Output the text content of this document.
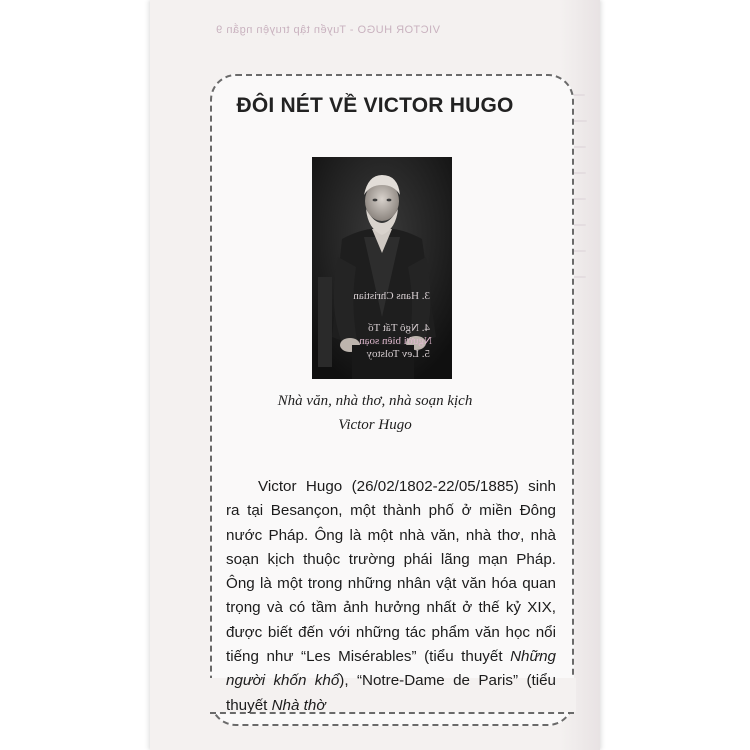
VICTOR HUGO - Tuyển tập truyện ngắn 9
ĐÔI NÉT VỀ VICTOR HUGO
Nhà văn, nhà thơ, nhà soạn kịch
Victor Hugo
Victor Hugo (26/02/1802-22/05/1885) sinh ra tại Besançon, một thành phố ở miền Đông nước Pháp. Ông là một nhà văn, nhà thơ, nhà soạn kịch thuộc trường phái lãng mạn Pháp. Ông là một trong những nhân vật văn hóa quan trọng và có tầm ảnh hưởng nhất ở thế kỷ XIX, được biết đến với những tác phẩm văn học nổi tiếng như “Les Misérables” (tiểu thuyết Những người khốn khổ), “Notre-Dame de Paris” (tiểu thuyết Nhà thờ
3. Hans Christian
4. Ngô Tất Tố
5. Lev Tolstoy
Người biên soạn
